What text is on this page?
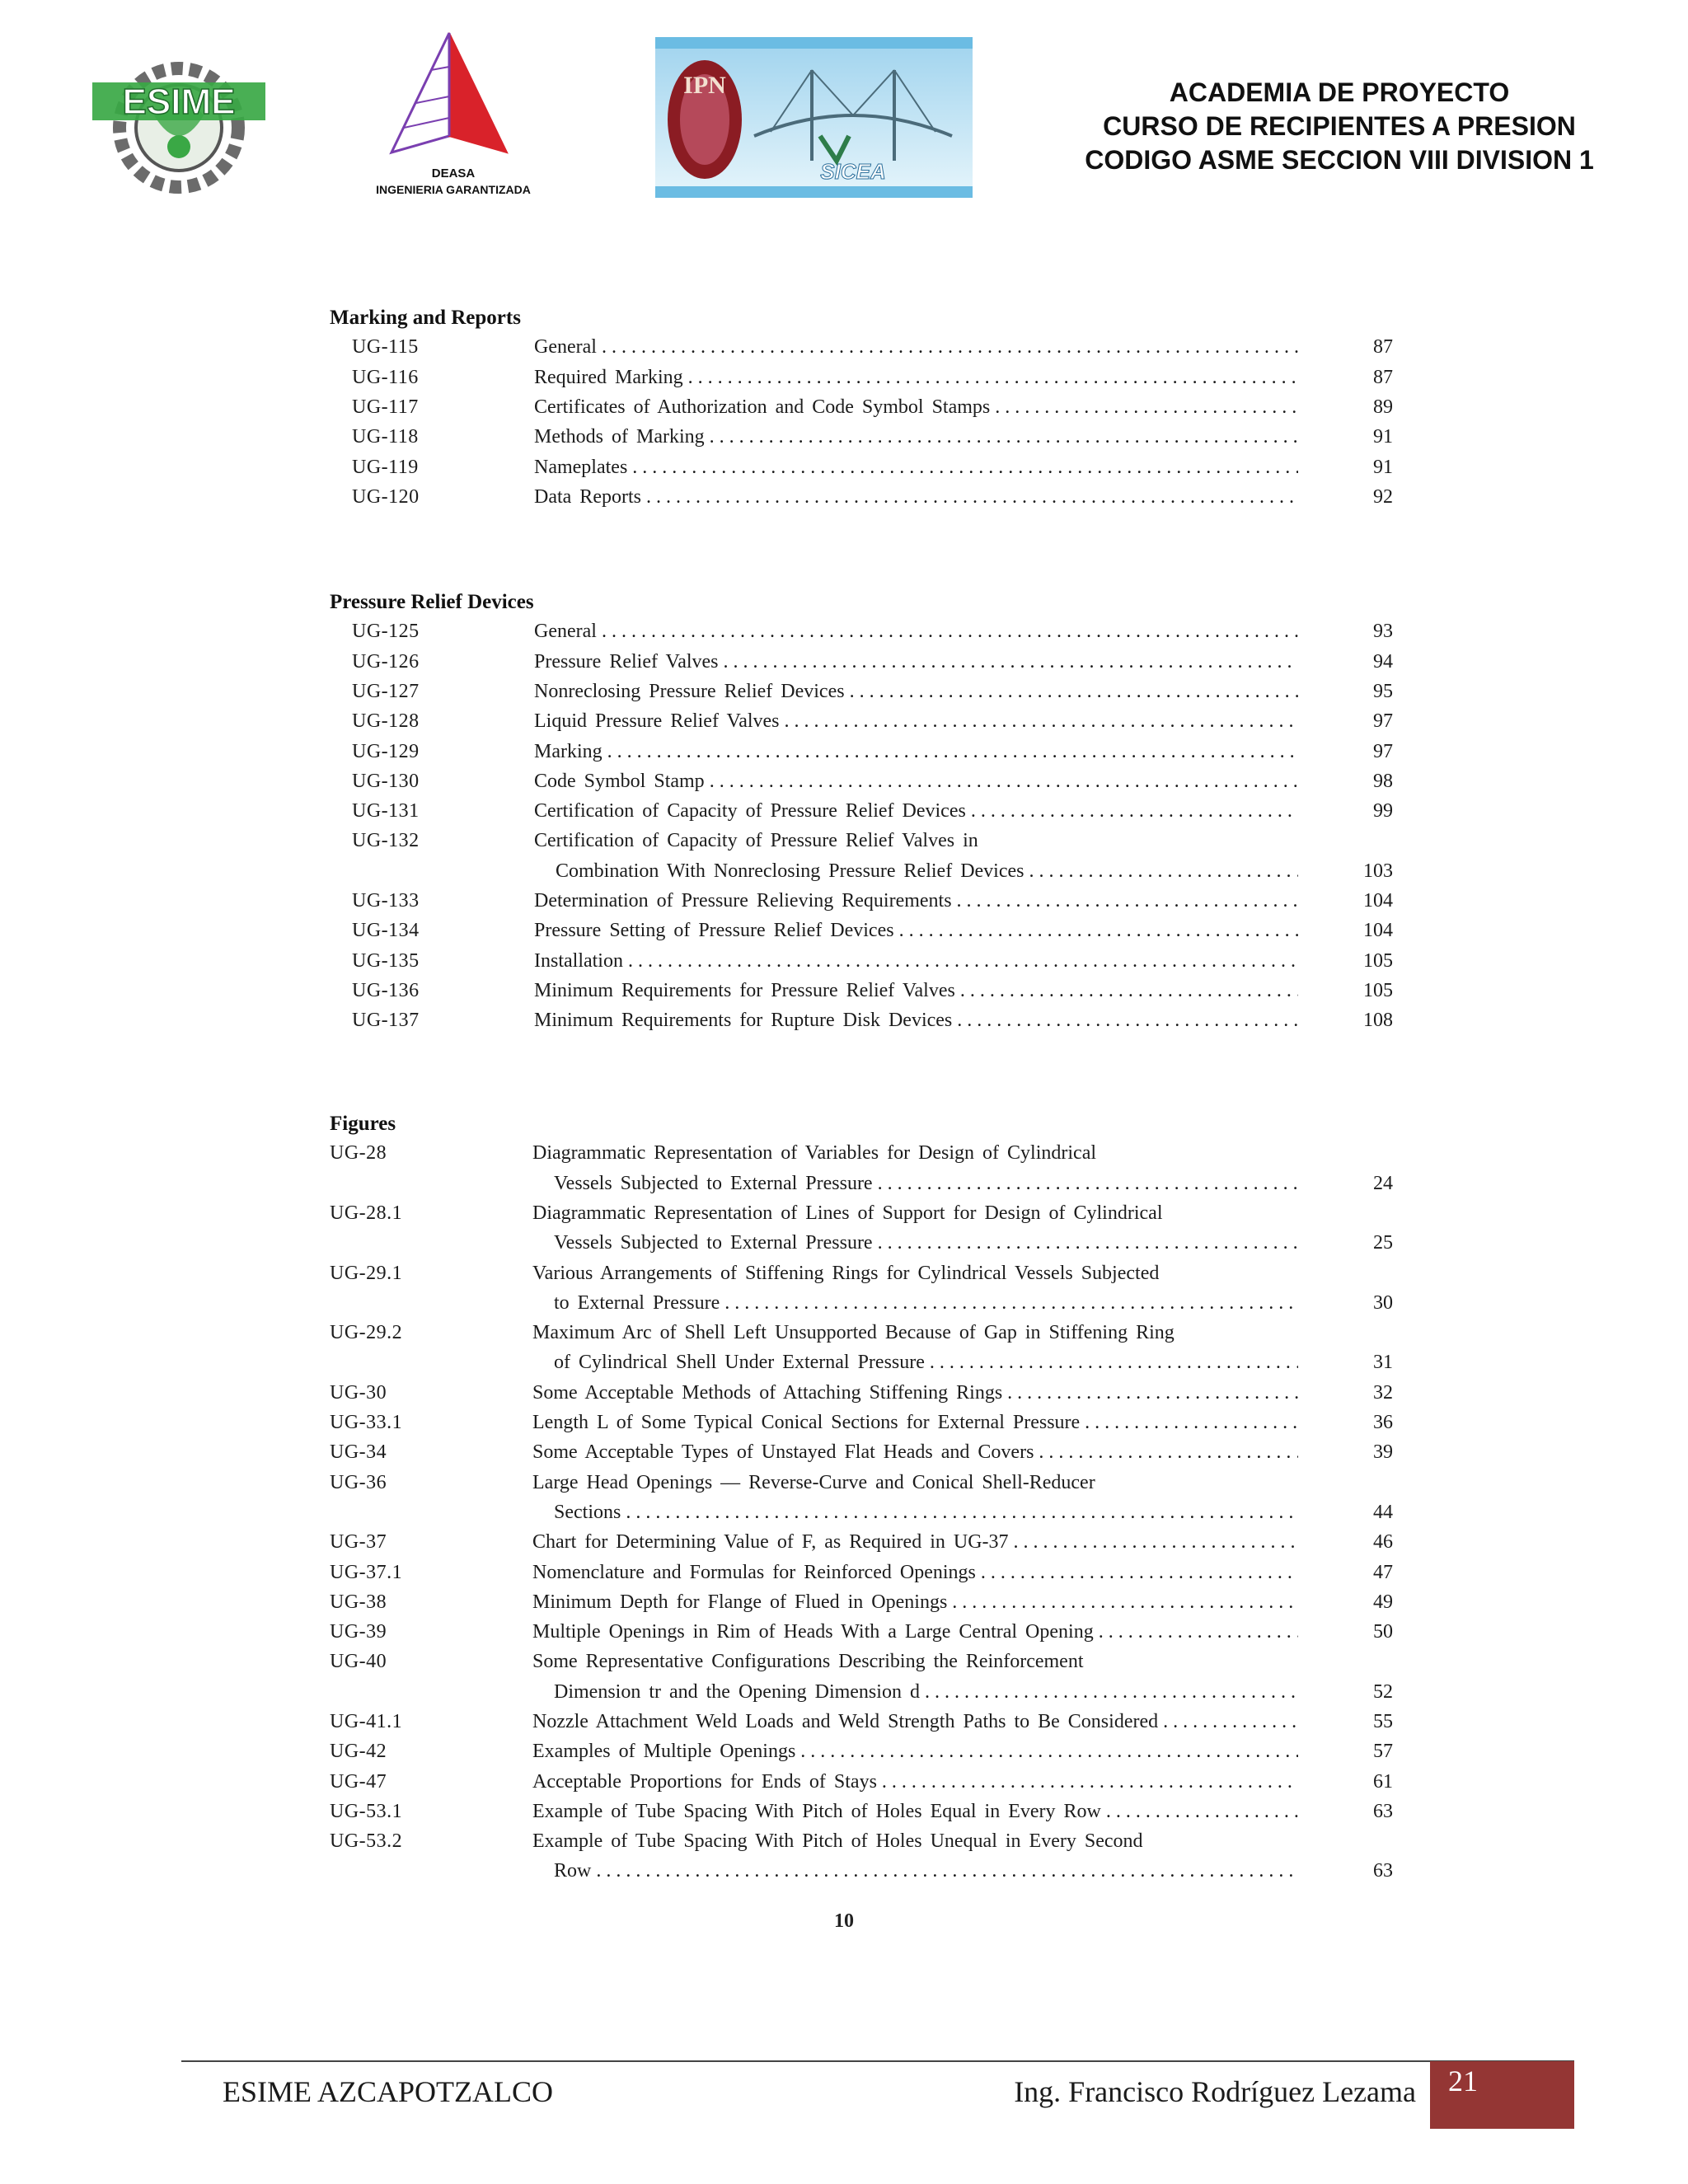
ESIME
DEASA
INGENIERIA GARANTIZADA
IPN
SICEA
ACADEMIA DE PROYECTO
CURSO DE RECIPIENTES A PRESION
CODIGO ASME SECCION VIII DIVISION 1
Marking and Reports
UG-115	General . . .	87
UG-116	Required Marking . . .	87
UG-117	Certificates of Authorization and Code Symbol Stamps . . .	89
UG-118	Methods of Marking . . .	91
UG-119	Nameplates . . .	91
UG-120	Data Reports . . .	92
Pressure Relief Devices
UG-125	General . . .	93
UG-126	Pressure Relief Valves . . .	94
UG-127	Nonreclosing Pressure Relief Devices . . .	95
UG-128	Liquid Pressure Relief Valves . . .	97
UG-129	Marking . . .	97
UG-130	Code Symbol Stamp . . .	98
UG-131	Certification of Capacity of Pressure Relief Devices . . .	99
UG-132	Certification of Capacity of Pressure Relief Valves in
Combination With Nonreclosing Pressure Relief Devices . . .	103
UG-133	Determination of Pressure Relieving Requirements . . .	104
UG-134	Pressure Setting of Pressure Relief Devices . . .	104
UG-135	Installation . . .	105
UG-136	Minimum Requirements for Pressure Relief Valves . . .	105
UG-137	Minimum Requirements for Rupture Disk Devices . . .	108
Figures
UG-28	Diagrammatic Representation of Variables for Design of Cylindrical
Vessels Subjected to External Pressure . . .	24
UG-28.1	Diagrammatic Representation of Lines of Support for Design of Cylindrical
Vessels Subjected to External Pressure . . .	25
UG-29.1	Various Arrangements of Stiffening Rings for Cylindrical Vessels Subjected
to External Pressure . . .	30
UG-29.2	Maximum Arc of Shell Left Unsupported Because of Gap in Stiffening Ring
of Cylindrical Shell Under External Pressure . . .	31
UG-30	Some Acceptable Methods of Attaching Stiffening Rings . . .	32
UG-33.1	Length L of Some Typical Conical Sections for External Pressure . . .	36
UG-34	Some Acceptable Types of Unstayed Flat Heads and Covers . . .	39
UG-36	Large Head Openings — Reverse-Curve and Conical Shell-Reducer
Sections . . .	44
UG-37	Chart for Determining Value of F, as Required in UG-37 . . .	46
UG-37.1	Nomenclature and Formulas for Reinforced Openings . . .	47
UG-38	Minimum Depth for Flange of Flued in Openings . . .	49
UG-39	Multiple Openings in Rim of Heads With a Large Central Opening . . .	50
UG-40	Some Representative Configurations Describing the Reinforcement
Dimension tr and the Opening Dimension d . . .	52
UG-41.1	Nozzle Attachment Weld Loads and Weld Strength Paths to Be Considered . . .	55
UG-42	Examples of Multiple Openings . . .	57
UG-47	Acceptable Proportions for Ends of Stays . . .	61
UG-53.1	Example of Tube Spacing With Pitch of Holes Equal in Every Row . . .	63
UG-53.2	Example of Tube Spacing With Pitch of Holes Unequal in Every Second
Row . . .	63
10
ESIME AZCAPOTZALCO	Ing. Francisco Rodríguez Lezama	21
